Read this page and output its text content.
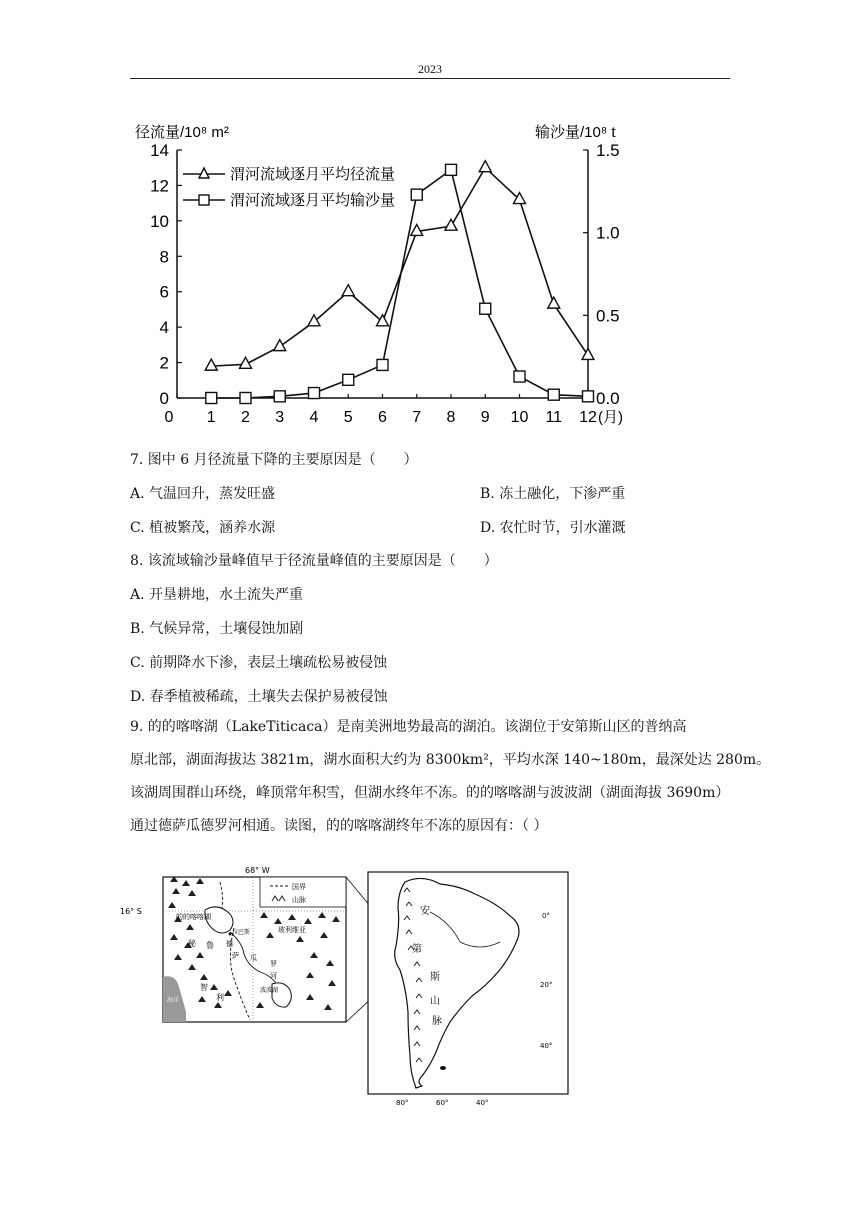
2023
径流量/10⁸ m²	输沙量/10⁸ t
0
2
4
6
8
10
12
14
0.0
0.5
1.0
1.5
0 1 2 3 4 5 6 7 8 9 10 11 12 (月)
渭河流域逐月平均径流量
渭河流域逐月平均输沙量
7. 图中 6 月径流量下降的主要原因是（　　）
A. 气温回升，蒸发旺盛	B. 冻土融化，下渗严重
C. 植被繁茂，涵养水源	D. 农忙时节，引水灌溉
8. 该流域输沙量峰值早于径流量峰值的主要原因是（　　）
A. 开垦耕地，水土流失严重
B. 气候异常，土壤侵蚀加剧
C. 前期降水下渗，表层土壤疏松易被侵蚀
D. 春季植被稀疏，土壤失去保护易被侵蚀
9. 的的喀喀湖（LakeTiticaca）是南美洲地势最高的湖泊。该湖位于安第斯山区的普纳高
原北部，湖面海拔达 3821m，湖水面积大约为 8300km²，平均水深 140~180m，最深处达 280m。
该湖周围群山环绕，峰顶常年积雪，但湖水终年不冻。的的喀喀湖与波波湖（湖面海拔 3690m）
通过德萨瓜德罗河相通。读图，的的喀喀湖终年不冻的原因有：（ ）
68° W
16° S
国界
山脉
海洋
的的喀喀湖
拉巴斯	玻利维亚
秘 鲁 德
萨 瓜
罗
河
波波湖
智
利
安
第
斯
山
脉
0°
20°
40°
80°	60°	40°
